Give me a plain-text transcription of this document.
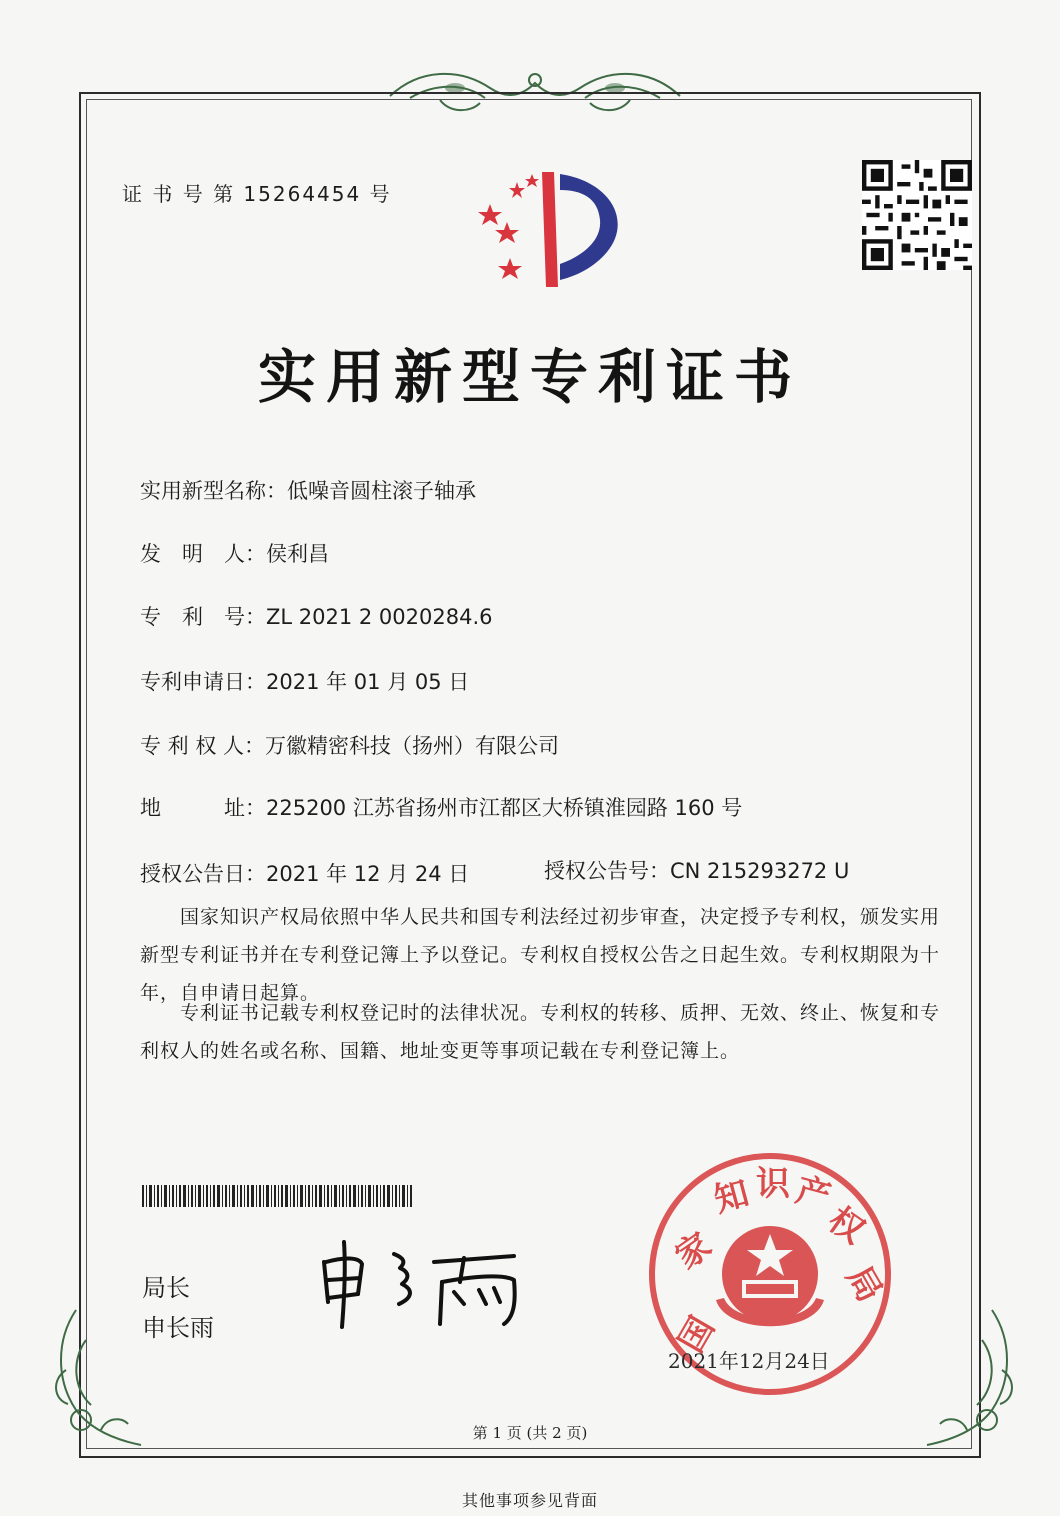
证 书 号 第 15264454 号
实用新型专利证书
实用新型名称：低噪音圆柱滚子轴承
发　明　人：侯利昌
专　利　号：ZL 2021 2 0020284.6
专利申请日：2021 年 01 月 05 日
专 利 权 人：万徽精密科技（扬州）有限公司
地　　　址：225200 江苏省扬州市江都区大桥镇淮园路 160 号
授权公告日：2021 年 12 月 24 日	授权公告号：CN 215293272 U
国家知识产权局依照中华人民共和国专利法经过初步审查，决定授予专利权，颁发实用
新型专利证书并在专利登记簿上予以登记。专利权自授权公告之日起生效。专利权期限为十
年，自申请日起算。
专利证书记载专利权登记时的法律状况。专利权的转移、质押、无效、终止、恢复和专
利权人的姓名或名称、国籍、地址变更等事项记载在专利登记簿上。
局长
申长雨	国
家
知 识 产
权
局
2021年12月24日
第 1 页 (共 2 页)
其他事项参见背面
